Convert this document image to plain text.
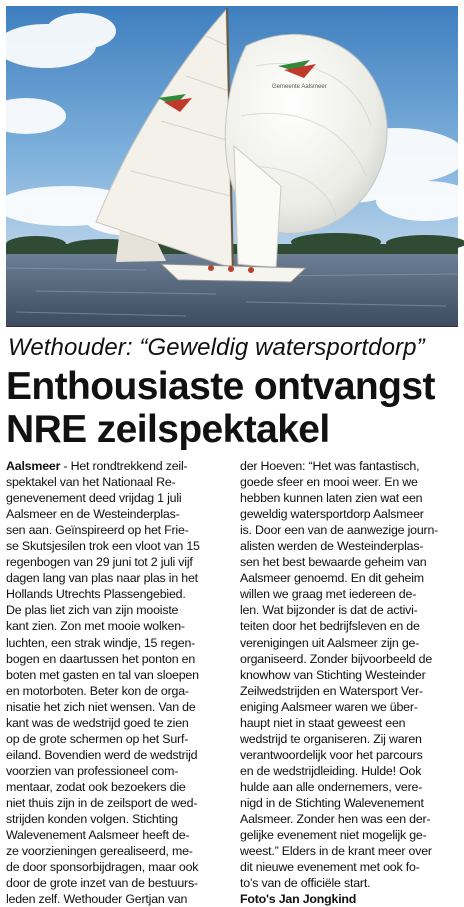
Gemeente Aalsmeer
Wethouder: “Geweldig watersportdorp”
Enthousiaste ontvangst
NRE zeilspektakel
Aalsmeer - Het rondtrekkend zeil-
spektakel van het Nationaal Re-
genevenement deed vrijdag 1 juli
Aalsmeer en de Westeinderplas-
sen aan. Geïnspireerd op het Frie-
se Skutsjesilen trok een vloot van 15
regenbogen van 29 juni tot 2 juli vijf
dagen lang van plas naar plas in het
Hollands Utrechts Plassengebied.
De plas liet zich van zijn mooiste
kant zien. Zon met mooie wolken-
luchten, een strak windje, 15 regen-
bogen en daartussen het ponton en
boten met gasten en tal van sloepen
en motorboten. Beter kon de orga-
nisatie het zich niet wensen. Van de
kant was de wedstrijd goed te zien
op de grote schermen op het Surf-
eiland. Bovendien werd de wedstrijd
voorzien van professioneel com-
mentaar, zodat ook bezoekers die
niet thuis zijn in de zeilsport de wed-
strijden konden volgen. Stichting
Walevenement Aalsmeer heeft de-
ze voorzieningen gerealiseerd, me-
de door sponsorbijdragen, maar ook
door de grote inzet van de bestuurs-
leden zelf. Wethouder Gertjan van
der Hoeven: “Het was fantastisch,
goede sfeer en mooi weer. En we
hebben kunnen laten zien wat een
geweldig watersportdorp Aalsmeer
is. Door een van de aanwezige journ-
alisten werden de Westeinderplas-
sen het best bewaarde geheim van
Aalsmeer genoemd. En dit geheim
willen we graag met iedereen de-
len. Wat bijzonder is dat de activi-
teiten door het bedrijfsleven en de
verenigingen uit Aalsmeer zijn ge-
organiseerd. Zonder bijvoorbeeld de
knowhow van Stichting Westeinder
Zeilwedstrijden en Watersport Ver-
eniging Aalsmeer waren we über-
haupt niet in staat geweest een
wedstrijd te organiseren. Zij waren
verantwoordelijk voor het parcours
en de wedstrijdleiding. Hulde! Ook
hulde aan alle ondernemers, vere-
nigd in de Stichting Walevenement
Aalsmeer. Zonder hen was een der-
gelijke evenement niet mogelijk ge-
weest.” Elders in de krant meer over
dit nieuwe evenement met ook fo-
to’s van de officiële start.
Foto's Jan Jongkind
